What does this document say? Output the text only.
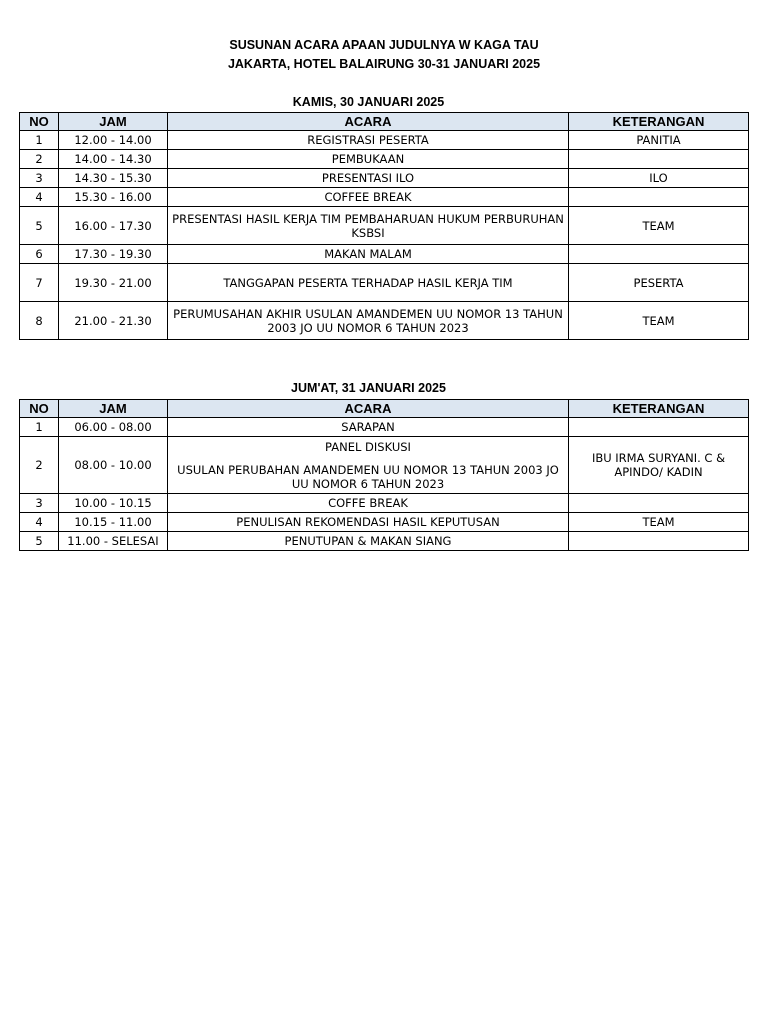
SUSUNAN ACARA APAAN JUDULNYA W KAGA TAU
JAKARTA, HOTEL BALAIRUNG 30-31 JANUARI 2025
KAMIS, 30 JANUARI 2025
NO	JAM	ACARA	KETERANGAN
1	12.00 - 14.00	REGISTRASI PESERTA	PANITIA
2	14.00 - 14.30	PEMBUKAAN	
3	14.30 - 15.30	PRESENTASI ILO	ILO
4	15.30 - 16.00	COFFEE BREAK	
5	16.00 - 17.30	PRESENTASI HASIL KERJA TIM PEMBAHARUAN HUKUM PERBURUHAN KSBSI	TEAM
6	17.30 - 19.30	MAKAN MALAM	
7	19.30 - 21.00	TANGGAPAN PESERTA TERHADAP HASIL KERJA TIM	PESERTA
8	21.00 - 21.30	PERUMUSAHAN AKHIR USULAN AMANDEMEN UU NOMOR 13 TAHUN 2003 JO UU NOMOR 6 TAHUN 2023	TEAM
JUM'AT, 31 JANUARI 2025
NO	JAM	ACARA	KETERANGAN
1	06.00 - 08.00	SARAPAN	
2	08.00 - 10.00	PANEL DISKUSI
USULAN PERUBAHAN AMANDEMEN UU NOMOR 13 TAHUN 2003 JO UU NOMOR 6 TAHUN 2023	IBU IRMA SURYANI. C & APINDO/ KADIN
3	10.00 - 10.15	COFFE BREAK	
4	10.15 - 11.00	PENULISAN REKOMENDASI HASIL KEPUTUSAN	TEAM
5	11.00 - SELESAI	PENUTUPAN & MAKAN SIANG	
